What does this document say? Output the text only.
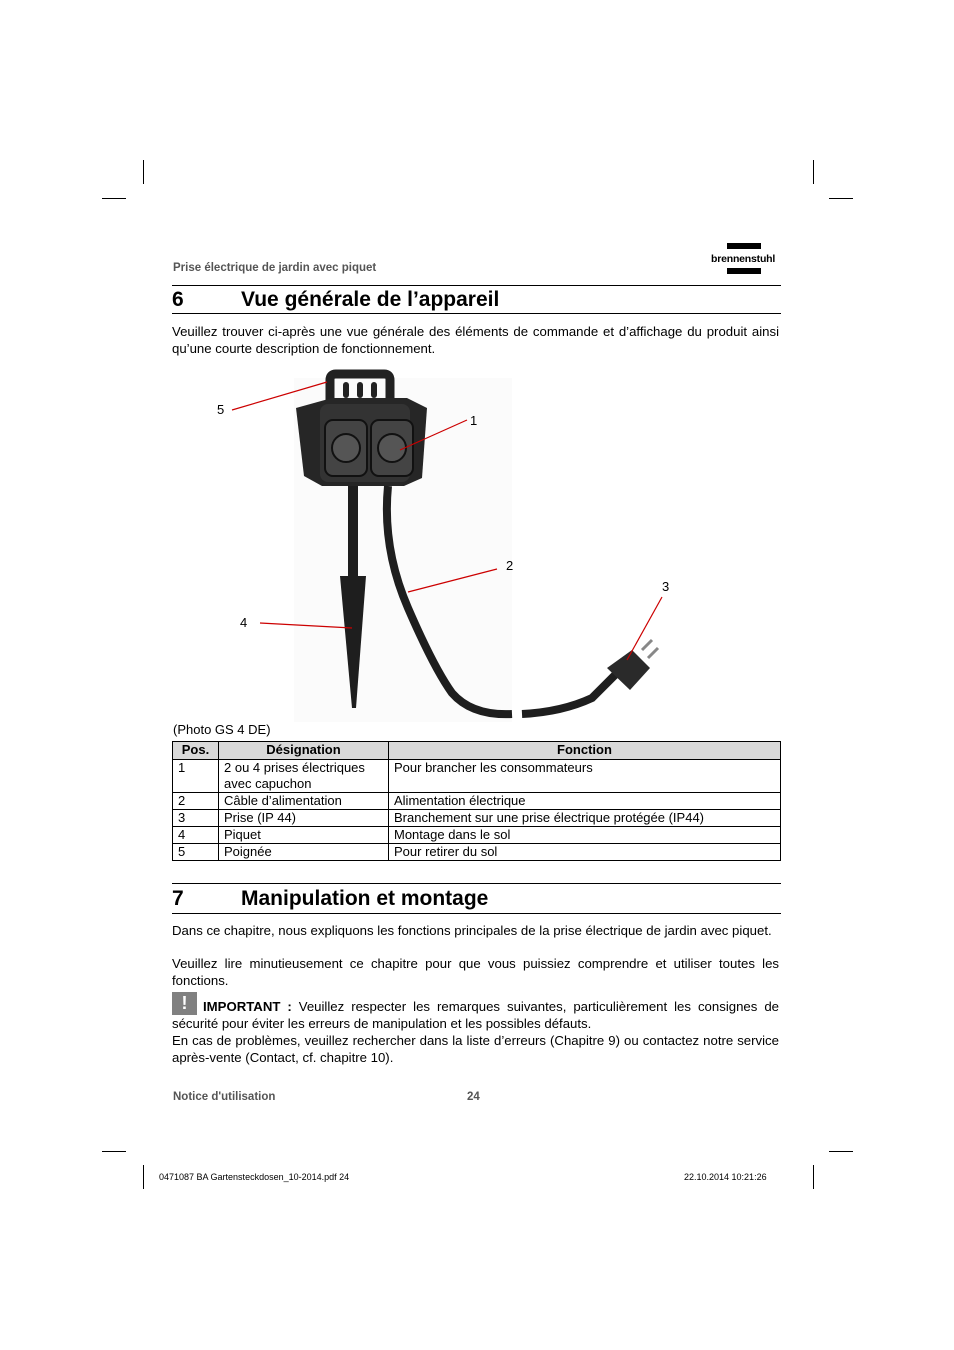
Prise électrique de jardin avec piquet
brennenstuhl
6	Vue générale de l’appareil
Veuillez trouver ci-après une vue générale des éléments de commande et d’affichage du produit ainsi qu’une courte description de fonctionnement.
1
2
3
4
5
(Photo GS 4 DE)
Pos.	Désignation	Fonction
1	2 ou 4 prises électriques avec capuchon	Pour brancher les consommateurs
2	Câble d’alimentation	Alimentation électrique
3	Prise (IP 44)	Branchement sur une prise électrique protégée (IP44)
4	Piquet	Montage dans le sol
5	Poignée	Pour retirer du sol
7	Manipulation et montage
Dans ce chapitre, nous expliquons les fonctions principales de la prise électrique de jardin avec piquet.
Veuillez lire minutieusement ce chapitre pour que vous puissiez comprendre et utiliser toutes les fonctions.
!	IMPORTANT : Veuillez respecter les remarques suivantes, particulièrement les consignes de sécurité pour éviter les erreurs de manipulation et les possibles défauts.
En cas de problèmes, veuillez rechercher dans la liste d’erreurs (Chapitre 9) ou contactez notre service après-vente (Contact, cf. chapitre 10).
Notice d'utilisation	24
0471087 BA Gartensteckdosen_10-2014.pdf 24	22.10.2014 10:21:26
